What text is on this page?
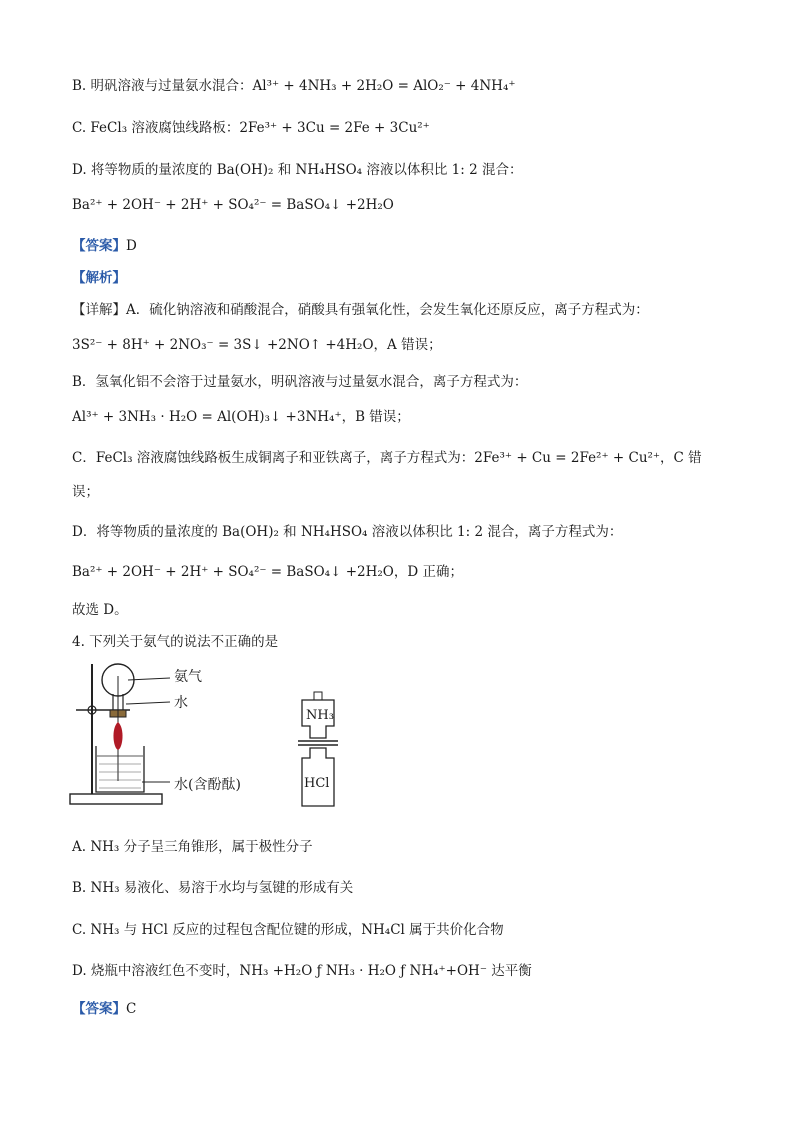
B. 明矾溶液与过量氨水混合：Al³⁺ + 4NH₃ + 2H₂O = AlO₂⁻ + 4NH₄⁺
C. FeCl₃ 溶液腐蚀线路板：2Fe³⁺ + 3Cu = 2Fe + 3Cu²⁺
D. 将等物质的量浓度的 Ba(OH)₂ 和 NH₄HSO₄ 溶液以体积比 1: 2 混合：
Ba²⁺ + 2OH⁻ + 2H⁺ + SO₄²⁻ = BaSO₄↓ +2H₂O
【答案】D
【解析】
【详解】A．硫化钠溶液和硝酸混合，硝酸具有强氧化性，会发生氧化还原反应，离子方程式为：
3S²⁻ + 8H⁺ + 2NO₃⁻ = 3S↓ +2NO↑ +4H₂O，A 错误；
B．氢氧化铝不会溶于过量氨水，明矾溶液与过量氨水混合，离子方程式为：
Al³⁺ + 3NH₃ · H₂O = Al(OH)₃↓ +3NH₄⁺，B 错误；
C．FeCl₃ 溶液腐蚀线路板生成铜离子和亚铁离子，离子方程式为：2Fe³⁺ + Cu = 2Fe²⁺ + Cu²⁺，C 错
误；
D．将等物质的量浓度的 Ba(OH)₂ 和 NH₄HSO₄ 溶液以体积比 1: 2 混合，离子方程式为：
Ba²⁺ + 2OH⁻ + 2H⁺ + SO₄²⁻ = BaSO₄↓ +2H₂O，D 正确；
故选 D。
4. 下列关于氨气的说法不正确的是
氨气
水
水(含酚酞)
NH₃
HCl
A. NH₃ 分子呈三角锥形，属于极性分子
B. NH₃ 易液化、易溶于水均与氢键的形成有关
C. NH₃ 与 HCl 反应的过程包含配位键的形成，NH₄Cl 属于共价化合物
D. 烧瓶中溶液红色不变时，NH₃ +H₂O ƒ NH₃ · H₂O ƒ NH₄⁺+OH⁻ 达平衡
【答案】C
